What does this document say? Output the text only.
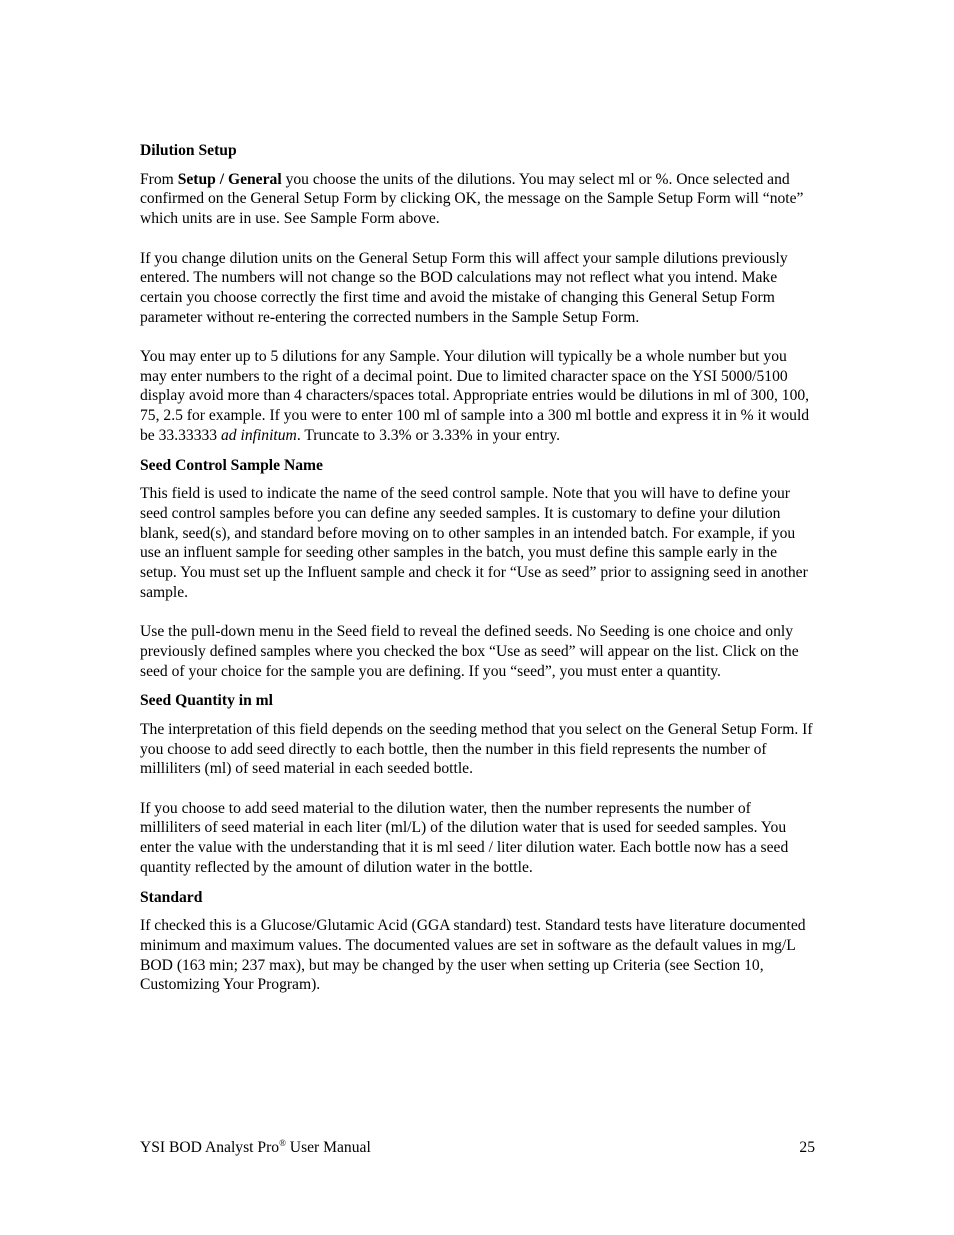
Dilution Setup

From Setup / General you choose the units of the dilutions. You may select ml or %. Once selected and confirmed on the General Setup Form by clicking OK, the message on the Sample Setup Form will “note” which units are in use. See Sample Form above.

If you change dilution units on the General Setup Form this will affect your sample dilutions previously entered. The numbers will not change so the BOD calculations may not reflect what you intend. Make certain you choose correctly the first time and avoid the mistake of changing this General Setup Form parameter without re-entering the corrected numbers in the Sample Setup Form.

You may enter up to 5 dilutions for any Sample. Your dilution will typically be a whole number but you may enter numbers to the right of a decimal point. Due to limited character space on the YSI 5000/5100 display avoid more than 4 characters/spaces total. Appropriate entries would be dilutions in ml of 300, 100, 75, 2.5 for example. If you were to enter 100 ml of sample into a 300 ml bottle and express it in % it would be 33.33333 ad infinitum. Truncate to 3.3% or 3.33% in your entry.

Seed Control Sample Name

This field is used to indicate the name of the seed control sample. Note that you will have to define your seed control samples before you can define any seeded samples. It is customary to define your dilution blank, seed(s), and standard before moving on to other samples in an intended batch. For example, if you use an influent sample for seeding other samples in the batch, you must define this sample early in the setup. You must set up the Influent sample and check it for “Use as seed” prior to assigning seed in another sample.

Use the pull-down menu in the Seed field to reveal the defined seeds. No Seeding is one choice and only previously defined samples where you checked the box “Use as seed” will appear on the list. Click on the seed of your choice for the sample you are defining. If you “seed”, you must enter a quantity.

Seed Quantity in ml

The interpretation of this field depends on the seeding method that you select on the General Setup Form. If you choose to add seed directly to each bottle, then the number in this field represents the number of milliliters (ml) of seed material in each seeded bottle.

If you choose to add seed material to the dilution water, then the number represents the number of milliliters of seed material in each liter (ml/L) of the dilution water that is used for seeded samples. You enter the value with the understanding that it is ml seed / liter dilution water. Each bottle now has a seed quantity reflected by the amount of dilution water in the bottle.

Standard

If checked this is a Glucose/Glutamic Acid (GGA standard) test. Standard tests have literature documented minimum and maximum values. The documented values are set in software as the default values in mg/L BOD (163 min; 237 max), but may be changed by the user when setting up Criteria (see Section 10, Customizing Your Program).

YSI BOD Analyst Pro® User Manual	25
